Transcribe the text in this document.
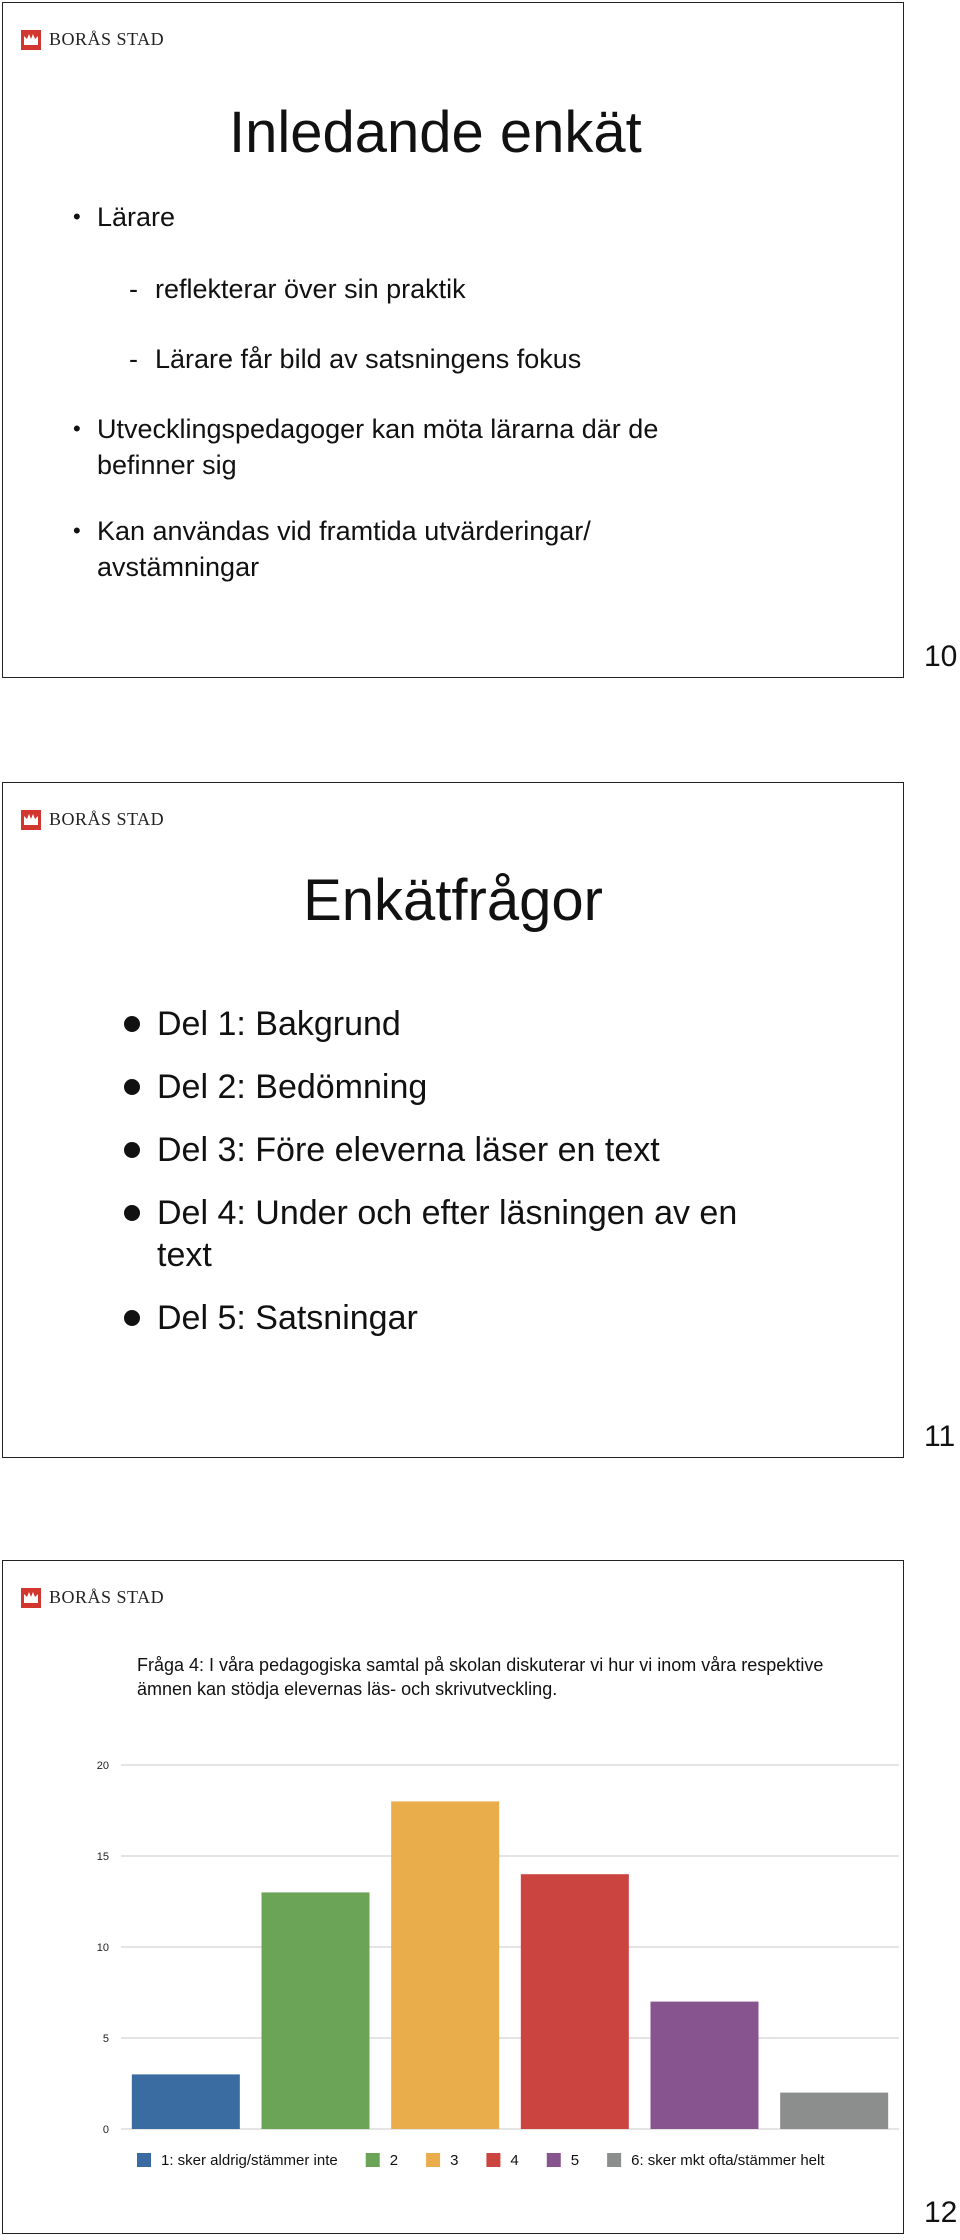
BORÅS STAD
Inledande enkät
• Lärare
- reflekterar över sin praktik
- Lärare får bild av satsningens fokus
• Utvecklingspedagoger kan möta lärarna där de
befinner sig
• Kan användas vid framtida utvärderingar/
avstämningar
10
BORÅS STAD
Enkätfrågor
Del 1: Bakgrund
Del 2: Bedömning
Del 3: Före eleverna läser en text
Del 4: Under och efter läsningen av en text
Del 5: Satsningar
11
BORÅS STAD
Fråga 4: I våra pedagogiska samtal på skolan diskuterar vi hur vi inom våra respektive ämnen kan stödja elevernas läs- och skrivutveckling.
0
5
10
15
20
1: sker aldrig/stämmer inte	2	3	4	5	6: sker mkt ofta/stämmer helt
12
